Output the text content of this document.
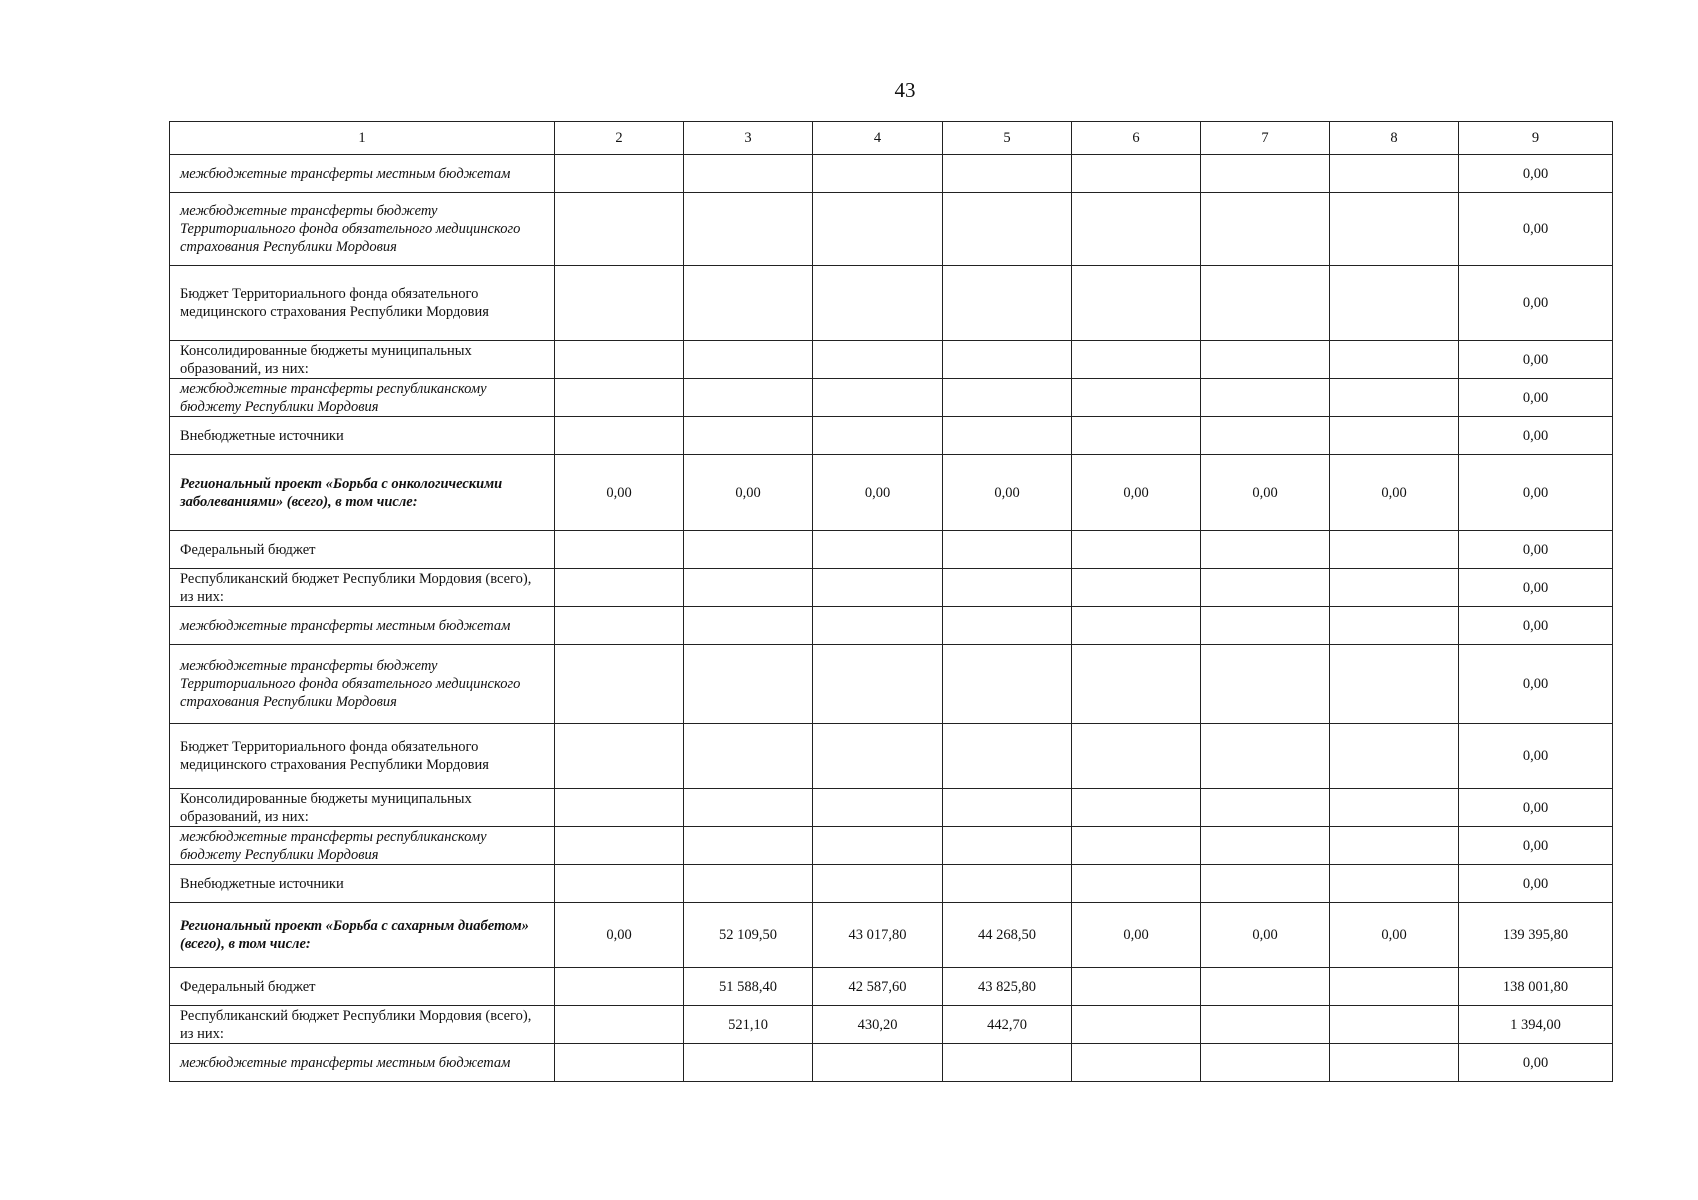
43
1	2	3	4	5	6	7	8	9
межбюджетные трансферты местным бюджетам								0,00
межбюджетные трансферты бюджету Территориального фонда обязательного медицинского страхования Республики Мордовия								0,00
Бюджет Территориального фонда обязательного медицинского страхования Республики Мордовия								0,00
Консолидированные бюджеты муниципальных образований, из них:								0,00
межбюджетные трансферты республиканскому бюджету Республики Мордовия								0,00
Внебюджетные источники								0,00
Региональный проект «Борьба с онкологическими заболеваниями» (всего), в том числе:	0,00	0,00	0,00	0,00	0,00	0,00	0,00	0,00
Федеральный бюджет								0,00
Республиканский бюджет Республики Мордовия (всего), из них:								0,00
межбюджетные трансферты местным бюджетам								0,00
межбюджетные трансферты бюджету Территориального фонда обязательного медицинского страхования Республики Мордовия								0,00
Бюджет Территориального фонда обязательного медицинского страхования Республики Мордовия								0,00
Консолидированные бюджеты муниципальных образований, из них:								0,00
межбюджетные трансферты республиканскому бюджету Республики Мордовия								0,00
Внебюджетные источники								0,00
Региональный проект «Борьба с сахарным диабетом» (всего), в том числе:	0,00	52 109,50	43 017,80	44 268,50	0,00	0,00	0,00	139 395,80
Федеральный бюджет		51 588,40	42 587,60	43 825,80				138 001,80
Республиканский бюджет Республики Мордовия (всего), из них:		521,10	430,20	442,70				1 394,00
межбюджетные трансферты местным бюджетам								0,00
